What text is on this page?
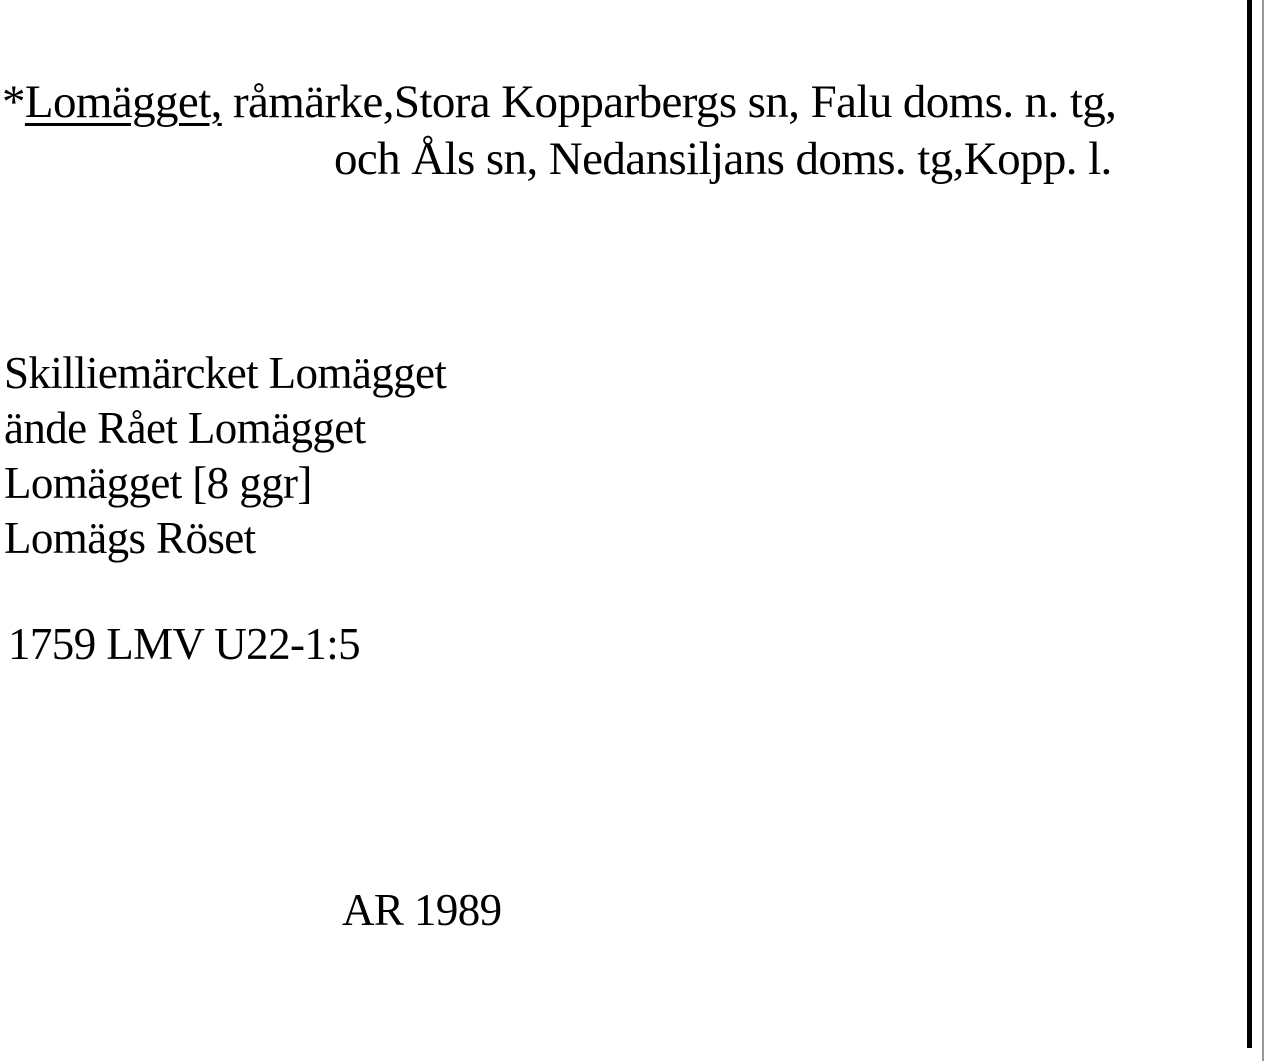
*Lomägget, råmärke,Stora Kopparbergs sn, Falu doms. n. tg,
och Åls sn, Nedansiljans doms. tg,Kopp. l.
Skilliemärcket Lomägget
ände Rået Lomägget
Lomägget [8 ggr]
Lomägs Röset
1759 LMV U22-1:5
AR 1989
